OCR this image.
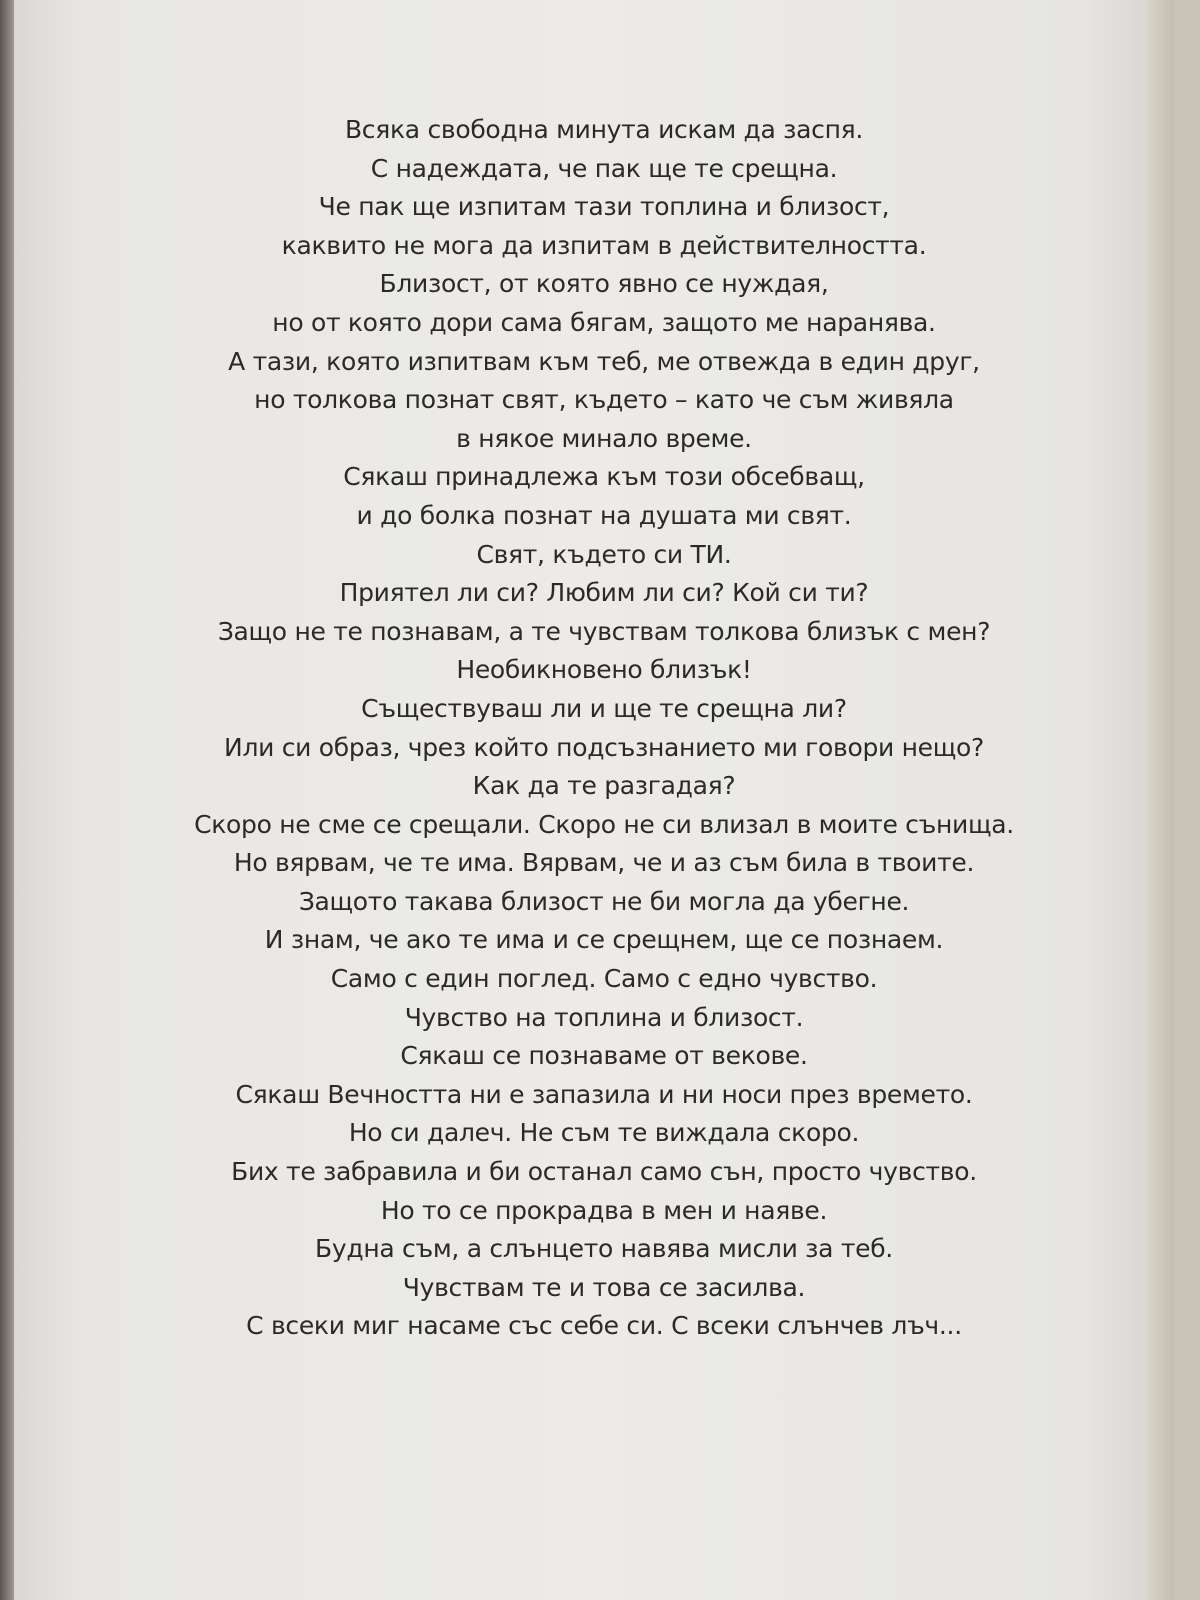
Всяка свободна минута искам да заспя.
С надеждата, че пак ще те срещна.
Че пак ще изпитам тази топлина и близост,
каквито не мога да изпитам в действителността.
Близост, от която явно се нуждая,
но от която дори сама бягам, защото ме наранява.
А тази, която изпитвам към теб, ме отвежда в един друг,
но толкова познат свят, където – като че съм живяла
в някое минало време.
Сякаш принадлежа към този обсебващ,
и до болка познат на душата ми свят.
Свят, където си ТИ.
Приятел ли си? Любим ли си? Кой си ти?
Защо не те познавам, а те чувствам толкова близък с мен?
Необикновено близък!
Съществуваш ли и ще те срещна ли?
Или си образ, чрез който подсъзнанието ми говори нещо?
Как да те разгадая?
Скоро не сме се срещали. Скоро не си влизал в моите сънища.
Но вярвам, че те има. Вярвам, че и аз съм била в твоите.
Защото такава близост не би могла да убегне.
И знам, че ако те има и се срещнем, ще се познаем.
Само с един поглед. Само с едно чувство.
Чувство на топлина и близост.
Сякаш се познаваме от векове.
Сякаш Вечността ни е запазила и ни носи през времето.
Но си далеч. Не съм те виждала скоро.
Бих те забравила и би останал само сън, просто чувство.
Но то се прокрадва в мен и наяве.
Будна съм, а слънцето навява мисли за теб.
Чувствам те и това се засилва.
С всеки миг насаме със себе си. С всеки слънчев лъч...
